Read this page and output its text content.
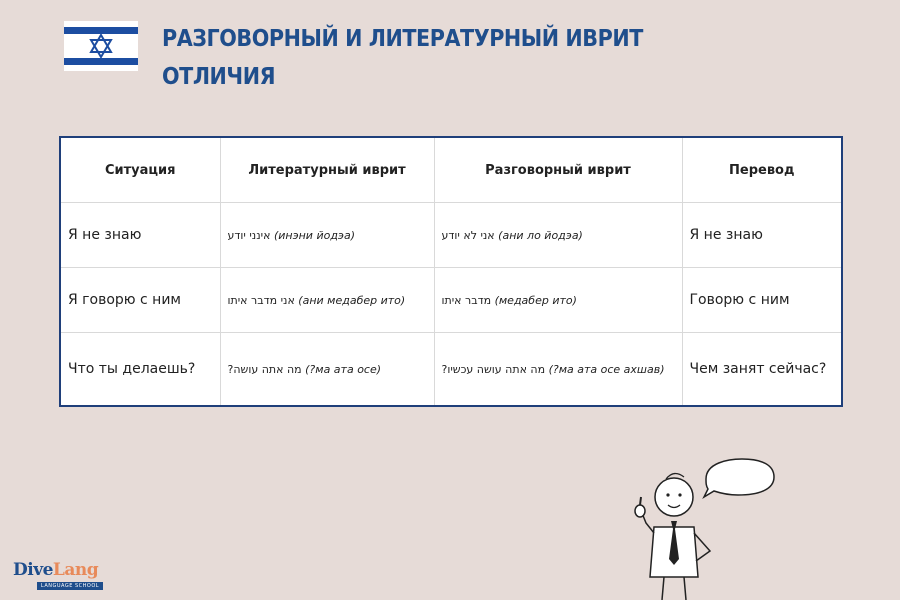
РАЗГОВОРНЫЙ И ЛИТЕРАТУРНЫЙ ИВРИТ
ОТЛИЧИЯ
Ситуация	Литературный иврит	Разговорный иврит	Перевод
Я не знаю	אינני יודע (инэни йодэа)	אני לא יודע (ани ло йодэа)	Я не знаю
Я говорю с ним	אני מדבר איתו (ани медабер ито)	מדבר איתו (медабер ито)	Говорю с ним
Что ты делаешь?	?מה אתה עושה (?ма ата осе)	?מה אתה עושה עכשיו (?ма ата осе ахшав)	Чем занят сейчас?
DiveLang
LANGUAGE SCHOOL
